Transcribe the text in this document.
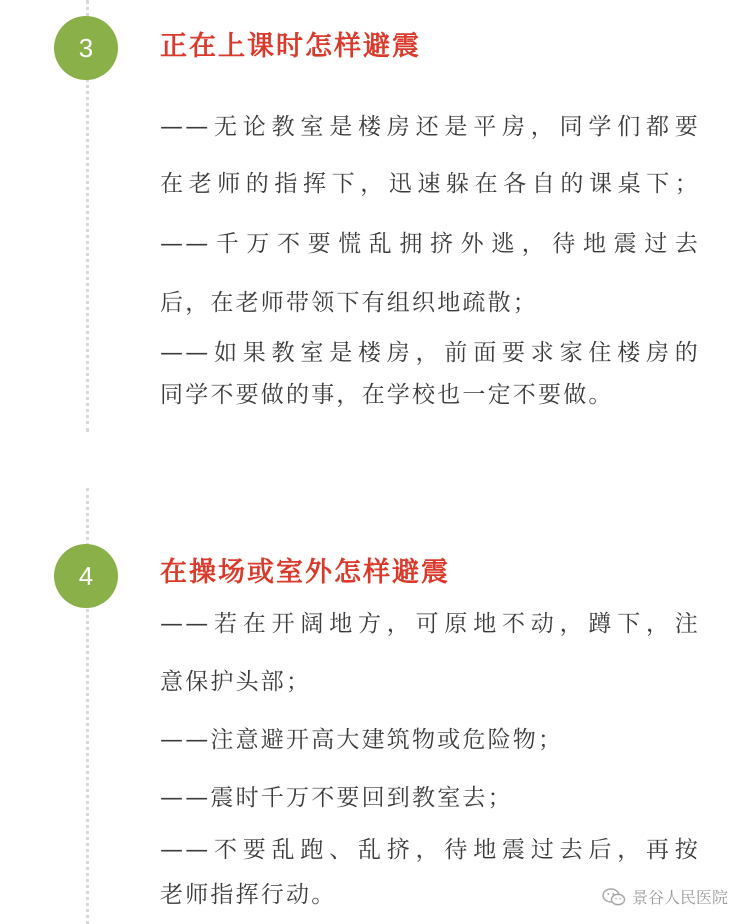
3	正在上课时怎样避震
——无论教室是楼房还是平房，同学们都要
在老师的指挥下，迅速躲在各自的课桌下；
——千万不要慌乱拥挤外逃，待地震过去
后，在老师带领下有组织地疏散；
——如果教室是楼房，前面要求家住楼房的
同学不要做的事，在学校也一定不要做。
4	在操场或室外怎样避震
——若在开阔地方，可原地不动，蹲下，注
意保护头部；
——注意避开高大建筑物或危险物；
——震时千万不要回到教室去；
——不要乱跑、乱挤，待地震过去后，再按
老师指挥行动。	景谷人民医院
